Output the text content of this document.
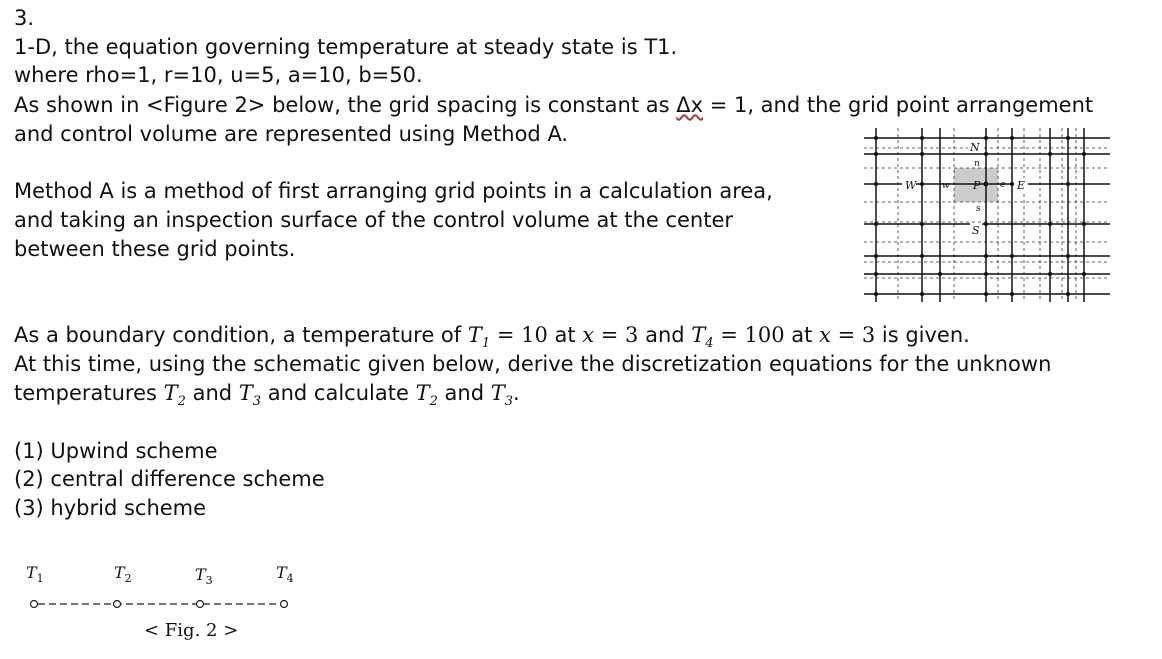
3.
1-D, the equation governing temperature at steady state is T1.
where rho=1, r=10, u=5, a=10, b=50.
As shown in <Figure 2> below, the grid spacing is constant as Δx = 1, and the grid point arrangement
and control volume are represented using Method A.
Method A is a method of first arranging grid points in a calculation area,
and taking an inspection surface of the control volume at the center
between these grid points.
As a boundary condition, a temperature of $T_1 = 10$ at x = 3 and $T_4 = 100$ at x = 3 is given.
At this time, using the schematic given below, derive the discretization equations for the unknown
temperatures $T_2$ and $T_3$ and calculate $T_2$ and $T_3$.
(1) Upwind scheme
(2) central difference scheme
(3) hybrid scheme
N
n
W	w P e E
s
S
$T_1$	$T_2$	$T_3$	$T_4$
< Fig. 2 >
